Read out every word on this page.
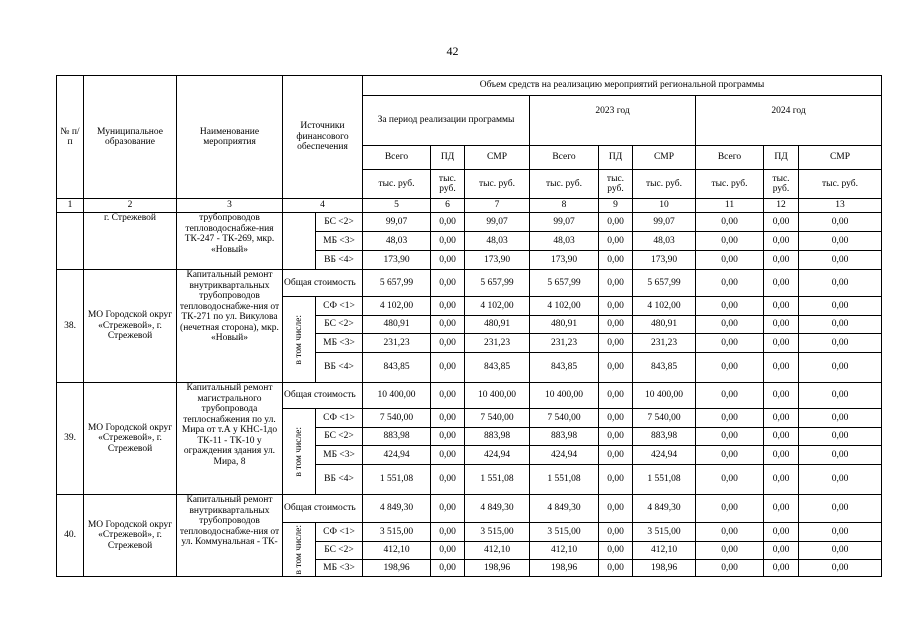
42
№ п/п	Муниципальное образование	Наименование мероприятия	Источники финансового обеспечения		Объем средств на реализацию мероприятий региональной программы								
					За период реализации программы			2023 год			2024 год		
					Всего	ПД	СМР	Всего	ПД	СМР	Всего	ПД	СМР
					тыс. руб.	тыс. руб.	тыс. руб.	тыс. руб.	тыс. руб.	тыс. руб.	тыс. руб.	тыс. руб.	тыс. руб.
1	2	3	4		5	6	7	8	9	10	11	12	13

	г. Стрежевой	трубопроводов тепловодоснабже-ния ТК-247 - ТК-269, мкр. «Новый»		БС <2>	99,07	0,00	99,07	99,07	0,00	99,07	0,00	0,00	0,00
				МБ <3>	48,03	0,00	48,03	48,03	0,00	48,03	0,00	0,00	0,00
				ВБ <4>	173,90	0,00	173,90	173,90	0,00	173,90	0,00	0,00	0,00
38.	МО Городской округ «Стрежевой», г. Стрежевой	Капитальный ремонт внутриквартальных трубопроводов тепловодоснабже-ния от ТК-271 по ул. Викулова (нечетная сторона), мкр. «Новый»	Общая стоимость		5 657,99	0,00	5 657,99	5 657,99	0,00	5 657,99	0,00	0,00	0,00

			в том числе:	СФ <1>	4 102,00	0,00	4 102,00	4 102,00	0,00	4 102,00	0,00	0,00	0,00
				БС <2>	480,91	0,00	480,91	480,91	0,00	480,91	0,00	0,00	0,00
				МБ <3>	231,23	0,00	231,23	231,23	0,00	231,23	0,00	0,00	0,00
				ВБ <4>	843,85	0,00	843,85	843,85	0,00	843,85	0,00	0,00	0,00
39.	МО Городской округ «Стрежевой», г. Стрежевой	Капитальный ремонт магистрального трубопровода теплоснабжения по ул. Мира от т.А у КНС-1до ТК-11 - ТК-10 у ограждения здания ул. Мира, 8	Общая стоимость		10 400,00	0,00	10 400,00	10 400,00	0,00	10 400,00	0,00	0,00	0,00

			в том числе:	СФ <1>	7 540,00	0,00	7 540,00	7 540,00	0,00	7 540,00	0,00	0,00	0,00
				БС <2>	883,98	0,00	883,98	883,98	0,00	883,98	0,00	0,00	0,00
				МБ <3>	424,94	0,00	424,94	424,94	0,00	424,94	0,00	0,00	0,00
				ВБ <4>	1 551,08	0,00	1 551,08	1 551,08	0,00	1 551,08	0,00	0,00	0,00
40.	МО Городской округ «Стрежевой», г. Стрежевой	Капитальный ремонт внутриквартальных трубопроводов тепловодоснабже-ния от ул. Коммунальная - ТК-	Общая стоимость		4 849,30	0,00	4 849,30	4 849,30	0,00	4 849,30	0,00	0,00	0,00

			в том числе:	СФ <1>	3 515,00	0,00	3 515,00	3 515,00	0,00	3 515,00	0,00	0,00	0,00
				БС <2>	412,10	0,00	412,10	412,10	0,00	412,10	0,00	0,00	0,00
				МБ <3>	198,96	0,00	198,96	198,96	0,00	198,96	0,00	0,00	0,00
